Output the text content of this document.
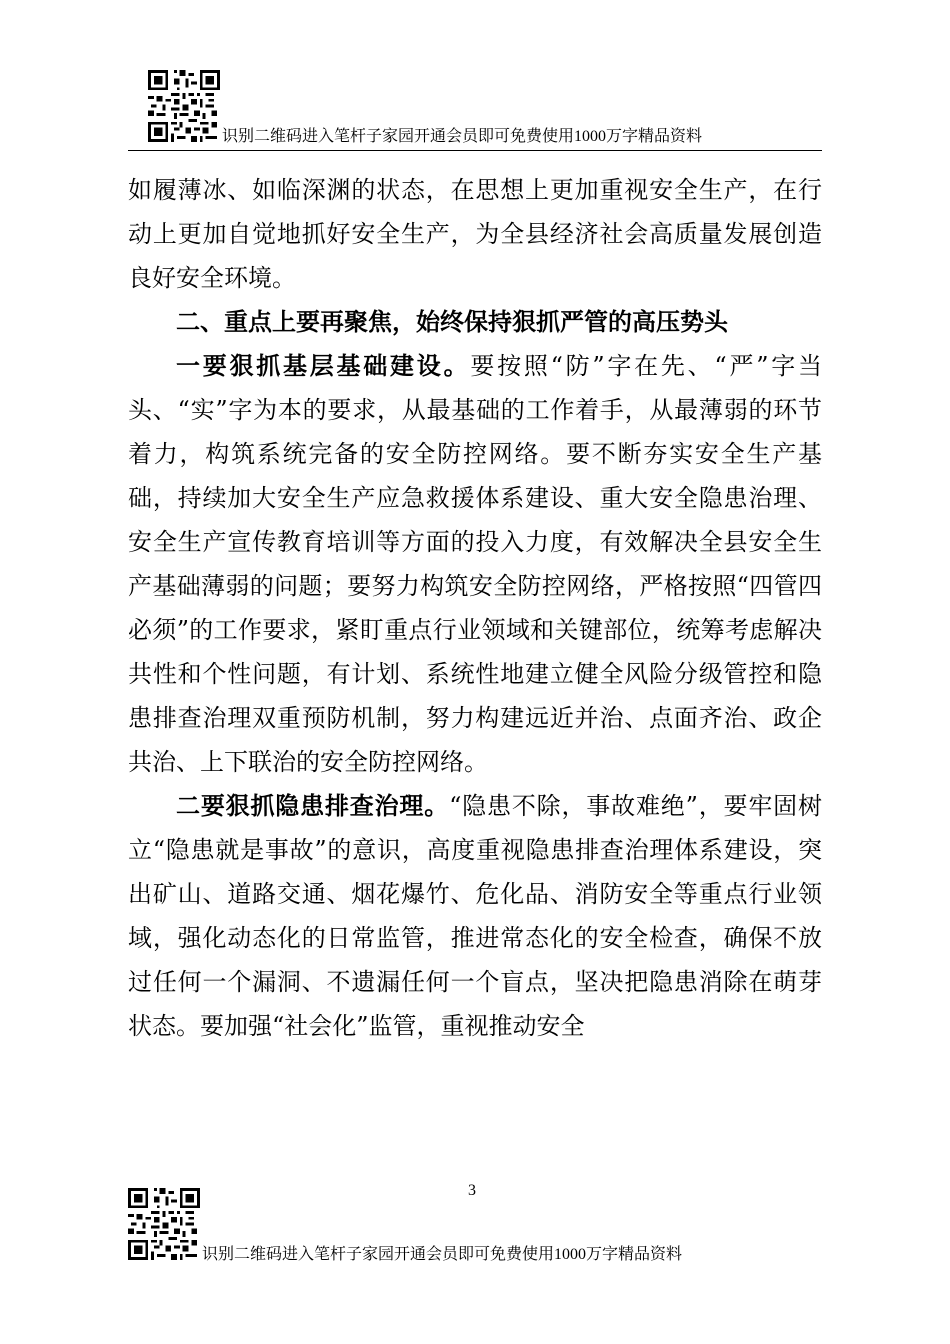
识别二维码进入笔杆子家园开通会员即可免费使用1000万字精品资料

如履薄冰、如临深渊的状态，在思想上更加重视安全生产，在行动上更加自觉地抓好安全生产，为全县经济社会高质量发展创造良好安全环境。

二、重点上要再聚焦，始终保持狠抓严管的高压势头

一要狠抓基层基础建设。要按照“防”字在先、“严”字当头、“实”字为本的要求，从最基础的工作着手，从最薄弱的环节着力，构筑系统完备的安全防控网络。要不断夯实安全生产基础，持续加大安全生产应急救援体系建设、重大安全隐患治理、安全生产宣传教育培训等方面的投入力度，有效解决全县安全生产基础薄弱的问题；要努力构筑安全防控网络，严格按照“四管四必须”的工作要求，紧盯重点行业领域和关键部位，统筹考虑解决共性和个性问题，有计划、系统性地建立健全风险分级管控和隐患排查治理双重预防机制，努力构建远近并治、点面齐治、政企共治、上下联治的安全防控网络。

二要狠抓隐患排查治理。“隐患不除，事故难绝”，要牢固树立“隐患就是事故”的意识，高度重视隐患排查治理体系建设，突出矿山、道路交通、烟花爆竹、危化品、消防安全等重点行业领域，强化动态化的日常监管，推进常态化的安全检查，确保不放过任何一个漏洞、不遗漏任何一个盲点，坚决把隐患消除在萌芽状态。要加强“社会化”监管，重视推动安全

3
识别二维码进入笔杆子家园开通会员即可免费使用1000万字精品资料
